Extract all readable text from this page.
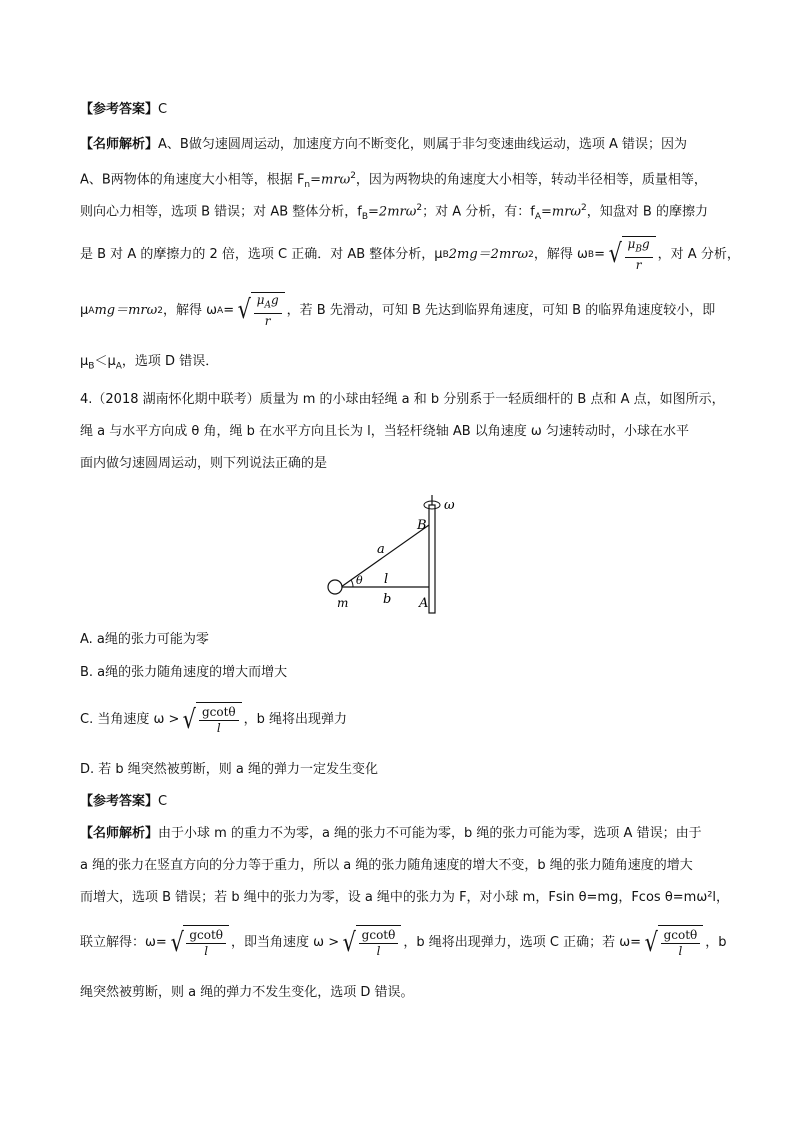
【参考答案】C
【名师解析】A、B做匀速圆周运动，加速度方向不断变化，则属于非匀变速曲线运动，选项 A 错误；因为
A、B两物体的角速度大小相等，根据 $F_n=mr\omega^2$，因为两物块的角速度大小相等，转动半径相等，质量相等，
则向心力相等，选项 B 错误；对 AB 整体分析，$f_B=2mr\omega^2$；对 A 分析，有：$f_A=mr\omega^2$，知盘对 B 的摩擦力
是 B 对 A 的摩擦力的 2 倍，选项 C 正确．对 AB 整体分析，μ B 2mg＝2mrω 2 ，解得 ω B = √ $\frac{\mu_Bg}{r}$ ，对 A 分析，
μ A mg＝mrω 2 ，解得 ω A = √ $\frac{\mu_Ag}{r}$ ，若 B 先滑动，可知 B 先达到临界角速度，可知 B 的临界角速度较小，即
$\mu_B<\mu_A$，选项 D 错误．
4.（2018 湖南怀化期中联考）质量为 m 的小球由轻绳 a 和 b 分别系于一轻质细杆的 B 点和 A 点，如图所示，
绳 a 与水平方向成 θ 角，绳 b 在水平方向且长为 l，当轻杆绕轴 AB 以角速度 ω 匀速转动时，小球在水平
面内做匀速圆周运动，则下列说法正确的是
ω
B
a
θ l
m	b A
A. a绳的张力可能为零
B. a绳的张力随角速度的增大而增大
C. 当角速度 ω > √ $\frac{gcot\theta}{l}$ ，b 绳将出现弹力
D. 若 b 绳突然被剪断，则 a 绳的弹力一定发生变化
【参考答案】C
【名师解析】由于小球 m 的重力不为零，a 绳的张力不可能为零，b 绳的张力可能为零，选项 A 错误；由于
a 绳的张力在竖直方向的分力等于重力，所以 a 绳的张力随角速度的增大不变，b 绳的张力随角速度的增大
而增大，选项 B 错误；若 b 绳中的张力为零，设 a 绳中的张力为 F，对小球 m，Fsin θ=mg，Fcos θ=mω²l，
联立解得：ω= √ $\frac{gcot\theta}{l}$ ，即当角速度 ω > √ $\frac{gcot\theta}{l}$ ，b 绳将出现弹力，选项 C 正确；若 ω= √ $\frac{gcot\theta}{l}$ ，b
绳突然被剪断，则 a 绳的弹力不发生变化，选项 D 错误。
